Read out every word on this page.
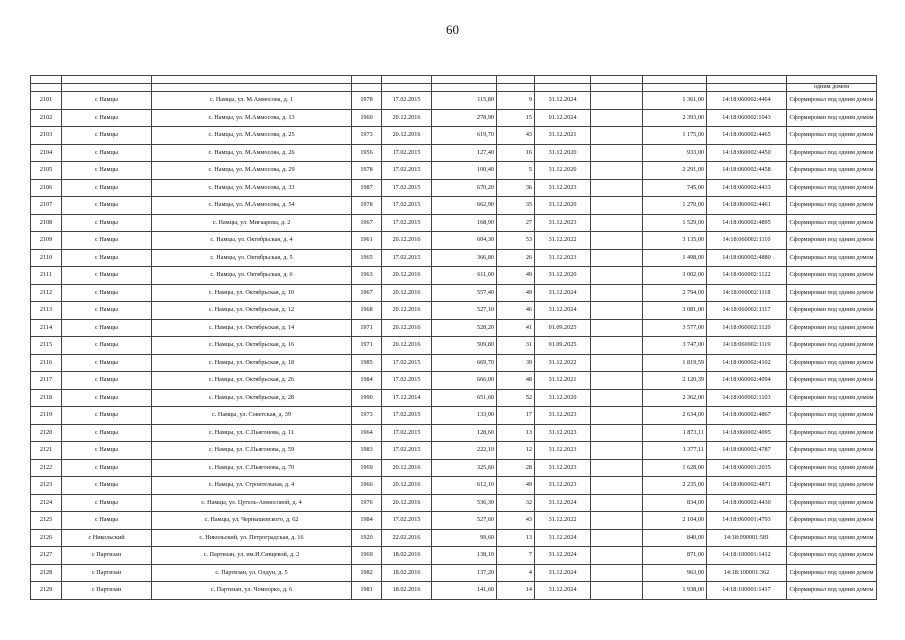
60

											одним домом
2101	с Намцы	с. Намцы, ул. М.Аммосова, д. 1	1978	17.02.2015	115,80	9	31.12.2024		1 361,00	14:18:060002:4464	Сформировал под одним домом
2102	с Намцы	с. Намцы, ул. М.Аммосова, д. 13	1960	20.12.2016	278,90	15	01.12.2024		2 393,00	14:18:060002:1043	Сформирован под одним домом
2103	с Намцы	с. Намцы, ул. М.Аммосова, д. 25	1973	20.12.2016	619,70	43	31.12.2021		1 175,00	14:18:060002:4465	Сформировал под одним домом
2104	с Намцы	с. Намцы, ул. М.Аммосова, д. 26	1956	17.02.2015	127,40	16	31.12.2020		933,00	14:18:060002:4450	Сформировал под одним домом
2105	с Намцы	с. Намцы, ул. М.Аммосова, д. 29	1978	17.02.2015	100,40	5	31.12.2020		2 291,00	14:18:060002:4458	Сформировал под одним домом
2106	с Намцы	с. Намцы, ул. М.Аммосова, д. 33	1987	17.02.2015	670,20	36	31.12.2023		745,00	14:18:060002:4433	Сформировал под одним домом
2107	с Намцы	с. Намцы, ул. М.Аммосова, д. 54	1978	17.02.2015	662,90	35	31.12.2020		1 270,00	14:18:060002:4461	Сформировал под одним домом
2108	с Намцы	с. Намцы, ул. Мигаарова, д. 2	1967	17.02.2015	168,90	27	31.12.2023		1 529,00	14:18:060002:4895	Сформировал под одним домом
2109	с Намцы	с. Намцы, ул. Октябрьская, д. 4	1961	20.12.2016	604,30	53	31.12.2022		3 135,00	14:18:060002:1110	Сформирован под одним домом
2110	с Намцы	с. Намцы, ул. Октябрьская, д. 5	1965	17.02.2015	366,80	26	31.12.2023		1 498,00	14:18:060002:4880	Сформировал под одним домом
2111	с Намцы	с. Намцы, ул. Октябрьская, д. 6	1963	20.12.2016	611,00	49	31.12.2020		3 002,00	14:18:060002:1122	Сформирован под одним домом
2112	с Намцы	с. Намцы, ул. Октябрьская, д. 10	1967	20.12.2016	557,40	49	31.12.2024		2 794,00	14:18:060002:1118	Сформирован под одним домом
2113	с Намцы	с. Намцы, ул. Октябрьская, д. 12	1968	20.12.2016	527,10	46	31.12.2024		3 081,00	14:18:060002:1117	Сформирован под одним домом
2114	с Намцы	с. Намцы, ул. Октябрьская, д. 14	1971	20.12.2016	528,20	41	01.09.2025		3 577,00	14:18:060002:1120	Сформирован под одним домом
2115	с Намцы	с. Намцы, ул. Октябрьская, д. 16	1971	20.12.2016	509,80	31	01.09.2025		3 747,00	14:18:060002:1119	Сформирован под одним домом
2116	с Намцы	с. Намцы, ул. Октябрьская, д. 18	1985	17.02.2015	669,70	39	31.12.2022		1 819,59	14:18:060002:4102	Сформировал под одним домом
2117	с Намцы	с. Намцы, ул. Октябрьская, д. 26	1984	17.02.2015	666,00	48	31.12.2021		2 120,39	14:18:060002:4094	Сформировал под одним домом
2118	с Намцы	с. Намцы, ул. Октябрьская, д. 28	1990	17.12.2014	651,60	52	31.12.2020		2 362,00	14:18:060002:1103	Сформирован под одним домом
2119	с Намцы	с. Намцы, ул. Советская, д. 39	1973	17.02.2015	133,00	17	31.12.2023		2 634,00	14:18:060002:4867	Сформировал под одним домом
2120	с Намцы	с. Намцы, ул. С.Пьягонова, д. 11	1964	17.02.2015	128,60	13	31.12.2023		1 873,11	14:18:060002:4095	Сформировал под одним домом
2121	с Намцы	с. Намцы, ул. С.Пьягонова, д. 59	1983	17.02.2015	222,10	12	31.12.2023		1 377,11	14:18:060002:4787	Сформировал под одним домом
2122	с Намцы	с. Намцы, ул. С.Пьягонова, д. 70	1969	20.12.2016	325,60	28	31.12.2023		1 628,00	14:18:060001:2035	Сформирован под одним домом
2123	с Намцы	с. Намцы, ул. Строительная, д. 4	1966	20.12.2016	612,10	49	31.12.2023		2 235,00	14:18:060002:4871	Сформирован под одним домом
2124	с Намцы	с. Намцы, ул. Цугель-Аммосовой, д. 4	1976	20.12.2016	536,30	32	31.12.2024		834,00	14:18:060002:4430	Сформировал под одним домом
2125	с Намцы	с. Намцы, ул. Чернышевского, д. 62	1984	17.02.2015	527,60	43	31.12.2022		2 104,00	14:18:060001:4793	Сформировал под одним домом
2126	с Никольский	с. Никольский, ул. Петроградская, д. 16	1920	22.02.2016	99,60	13	31.12.2024		840,00	14:18:090001:581	Сформировал под одним домом
2127	с Партизан	с. Партизан, ул. им.И.Сивцевой, д. 2	1969	18.02.2016	138,10	7	31.12.2024		871,00	14:18:100001:1412	Сформировал под одним домом
2128	с Партизан	с. Партизан, ул. Олдун, д. 5	1982	18.02.2016	137,20	4	31.12.2024		963,00	14:18:100001:362	Сформировал под одним домом
2129	с Партизан	с. Партизан, ул. Чомпорко, д. 6	1981	18.02.2016	141,60	14	31.12.2024		1 938,00	14:18:100001:1417	Сформировал под одним домом
